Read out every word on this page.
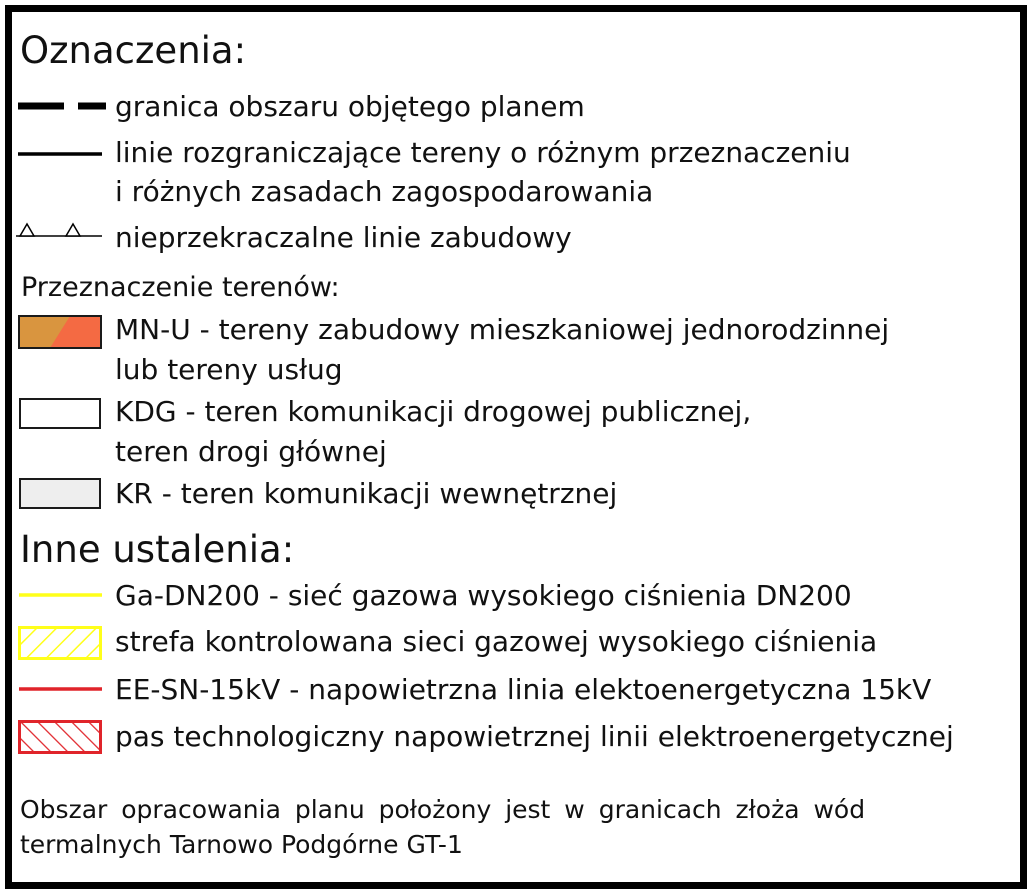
Oznaczenia:
granica obszaru objętego planem
linie rozgraniczające tereny o różnym przeznaczeniu
i różnych zasadach zagospodarowania
nieprzekraczalne linie zabudowy
Przeznaczenie terenów:
MN-U - tereny zabudowy mieszkaniowej jednorodzinnej
lub tereny usług
KDG - teren komunikacji drogowej publicznej,
teren drogi głównej
KR - teren komunikacji wewnętrznej
Inne ustalenia:
Ga-DN200 - sieć gazowa wysokiego ciśnienia DN200
strefa kontrolowana sieci gazowej wysokiego ciśnienia
EE-SN-15kV - napowietrzna linia elektoenergetyczna 15kV
pas technologiczny napowietrznej linii elektroenergetycznej
Obszar opracowania planu położony jest w granicach złoża wód
termalnych Tarnowo Podgórne GT-1
